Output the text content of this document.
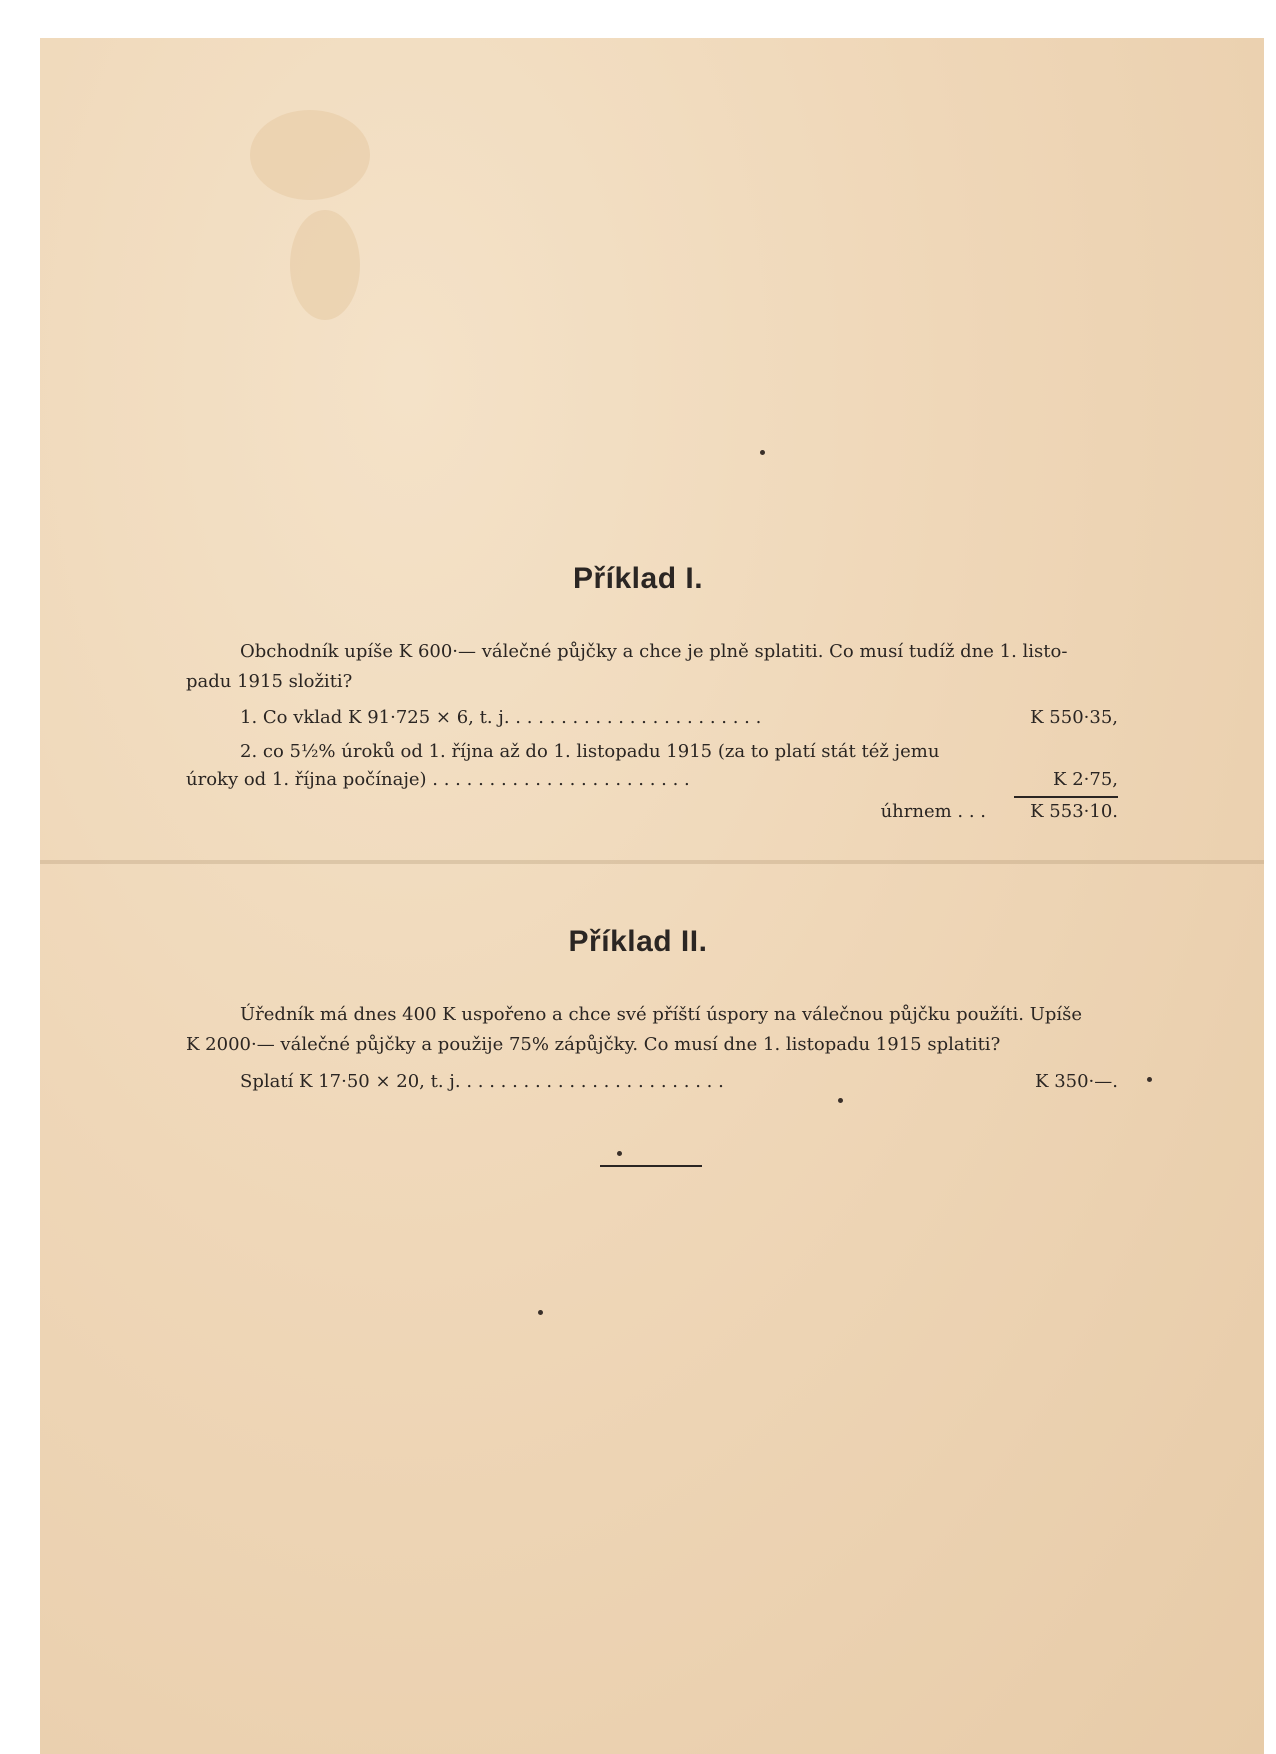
Příklad I.
Obchodník upíše K 600·— válečné půjčky a chce je plně splatiti. Co musí tudíž dne 1. listo-
padu 1915 složiti?
1. Co vklad K 91·725 × 6, t. j. . . . . . . . . . . . . . . . . . . . . . .	K 550·35,
2. co 5½% úroků od 1. října až do 1. listopadu 1915 (za to platí stát též jemu
úroky od 1. října počínaje) . . . . . . . . . . . . . . . . . . . . . . .	K 2·75,
úhrnem . . . K 553·10.
Úředník má dnes 400 K uspořeno a chce své příští úspory na válečnou půjčku použíti. Upíše
K 2000·— válečné půjčky a použije 75% zápůjčky. Co musí dne 1. listopadu 1915 splatiti?
Splatí K 17·50 × 20, t. j. . . . . . . . . . . . . . . . . . . . . . . .	K 350·—.
Příklad II.
